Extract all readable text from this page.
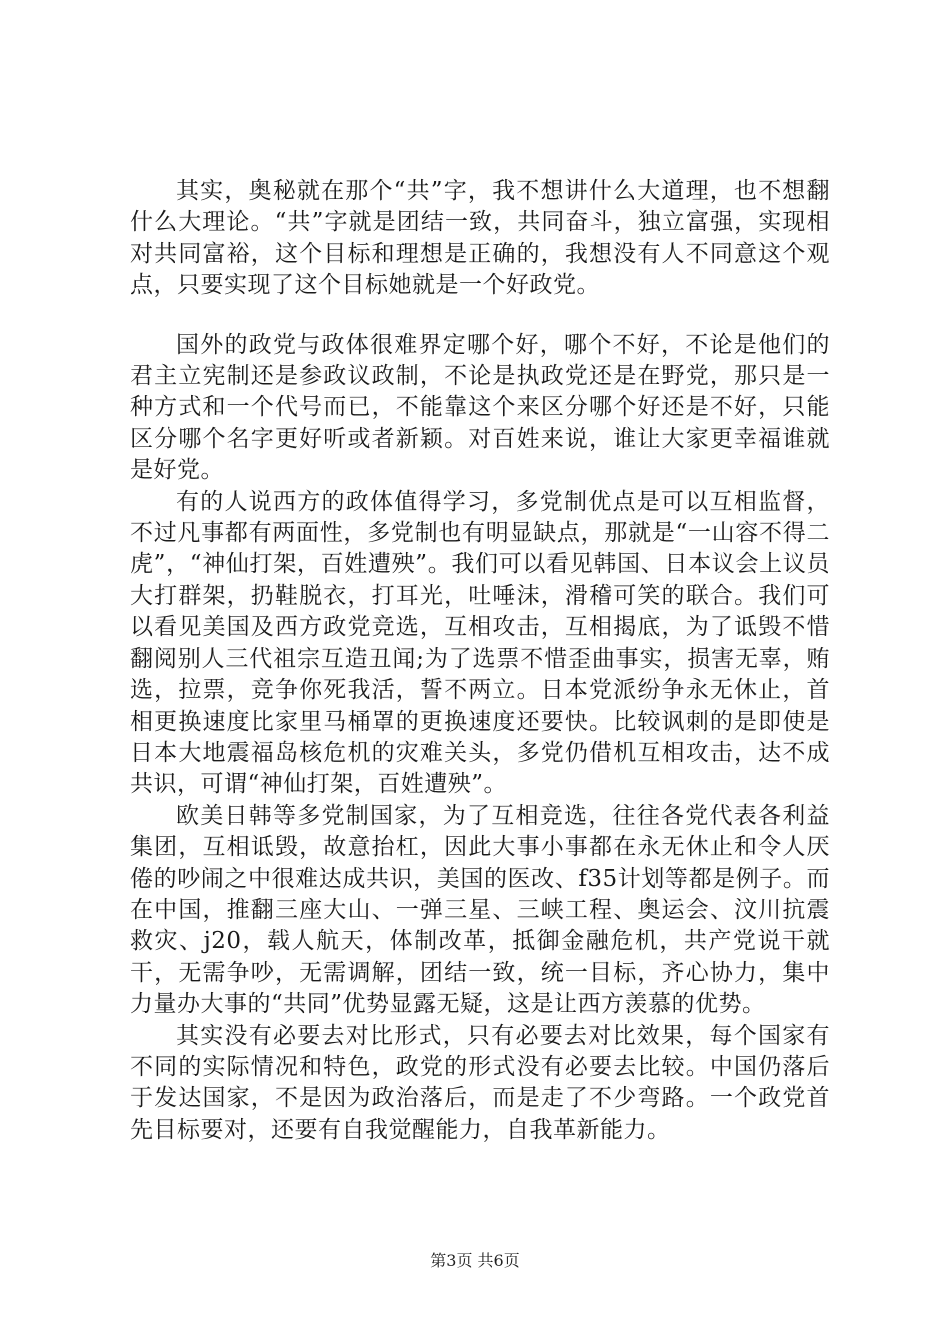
其实，奥秘就在那个“共”字，我不想讲什么大道理，也不想翻什么大理论。“共”字就是团结一致，共同奋斗，独立富强，实现相对共同富裕，这个目标和理想是正确的，我想没有人不同意这个观点，只要实现了这个目标她就是一个好政党。

国外的政党与政体很难界定哪个好，哪个不好，不论是他们的君主立宪制还是参政议政制，不论是执政党还是在野党，那只是一种方式和一个代号而已，不能靠这个来区分哪个好还是不好，只能区分哪个名字更好听或者新颖。对百姓来说，谁让大家更幸福谁就是好党。

有的人说西方的政体值得学习，多党制优点是可以互相监督，不过凡事都有两面性，多党制也有明显缺点，那就是“一山容不得二虎”，“神仙打架，百姓遭殃”。我们可以看见韩国、日本议会上议员大打群架，扔鞋脱衣，打耳光，吐唾沫，滑稽可笑的联合。我们可以看见美国及西方政党竞选，互相攻击，互相揭底，为了诋毁不惜翻阅别人三代祖宗互造丑闻;为了选票不惜歪曲事实，损害无辜，贿选，拉票，竞争你死我活，誓不两立。日本党派纷争永无休止，首相更换速度比家里马桶罩的更换速度还要快。比较讽刺的是即使是日本大地震福岛核危机的灾难关头，多党仍借机互相攻击，达不成共识，可谓“神仙打架，百姓遭殃”。

欧美日韩等多党制国家，为了互相竞选，往往各党代表各利益集团，互相诋毁，故意抬杠，因此大事小事都在永无休止和令人厌倦的吵闹之中很难达成共识，美国的医改、f35计划等都是例子。而在中国，推翻三座大山、一弹三星、三峡工程、奥运会、汶川抗震救灾、j20，载人航天，体制改革，抵御金融危机，共产党说干就干，无需争吵，无需调解，团结一致，统一目标，齐心协力，集中力量办大事的“共同”优势显露无疑，这是让西方羡慕的优势。

其实没有必要去对比形式，只有必要去对比效果，每个国家有不同的实际情况和特色，政党的形式没有必要去比较。中国仍落后于发达国家，不是因为政治落后，而是走了不少弯路。一个政党首先目标要对，还要有自我觉醒能力，自我革新能力。

第3页 共6页
